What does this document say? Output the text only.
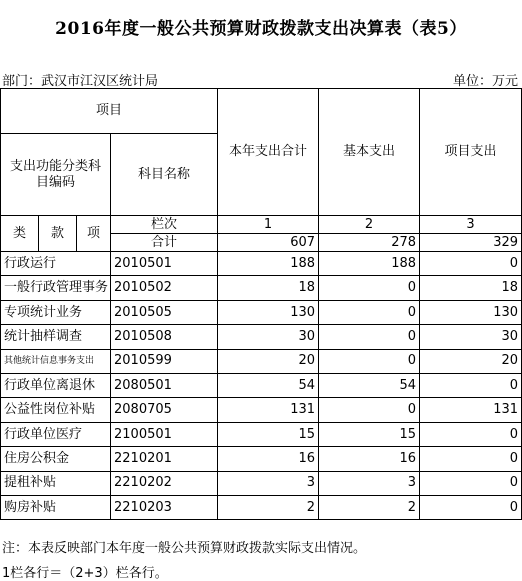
2016年度一般公共预算财政拨款支出决算表（表5）
部门：武汉市江汉区统计局	单位：万元
项目				本年支出合计	基本支出	项目支出
支出功能分类科目编码			科目名称			
类	款	项	栏次	1	2	3
			合计	607	278	329
行政运行			2010501	188	188	0
一般行政管理事务			2010502	18	0	18
专项统计业务			2010505	130	0	130
统计抽样调查			2010508	30	0	30
其他统计信息事务支出			2010599	20	0	20
行政单位离退休			2080501	54	54	0
公益性岗位补贴			2080705	131	0	131
行政单位医疗			2100501	15	15	0
住房公积金			2210201	16	16	0
提租补贴			2210202	3	3	0
购房补贴			2210203	2	2	0
注：本表反映部门本年度一般公共预算财政拨款实际支出情况。
1栏各行＝（2+3）栏各行。
